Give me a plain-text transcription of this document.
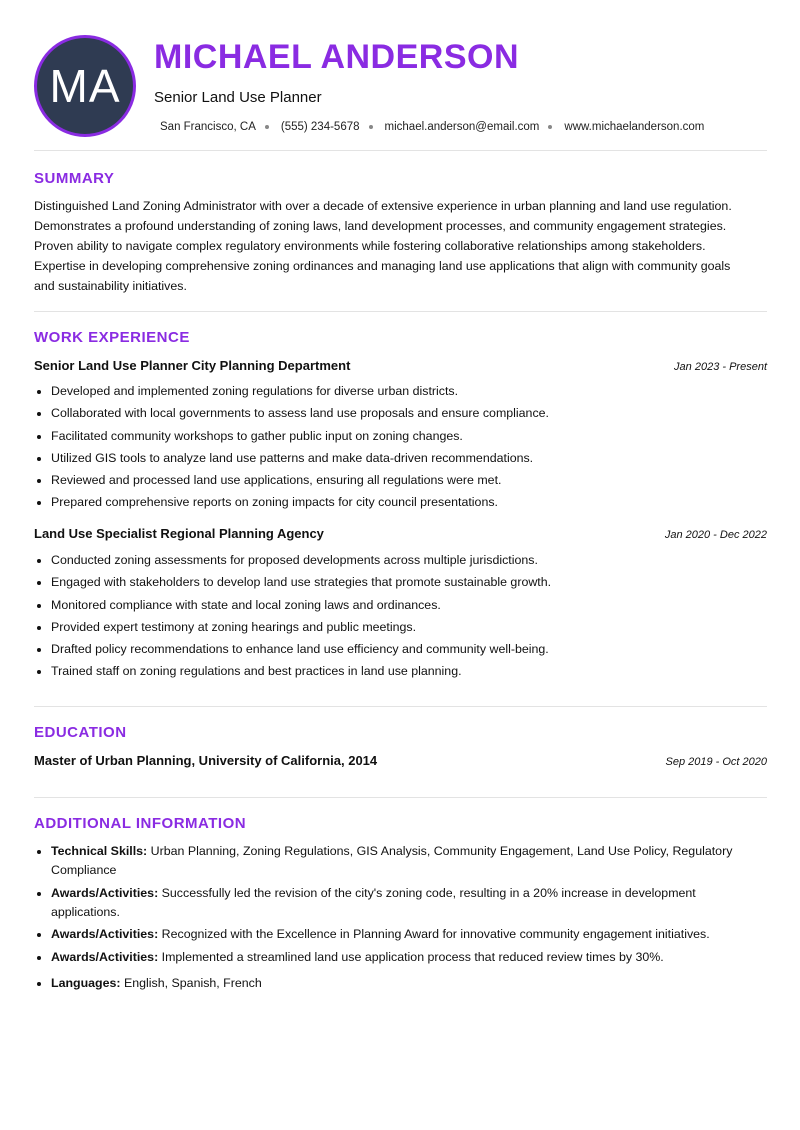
MA
MICHAEL ANDERSON
Senior Land Use Planner
San Francisco, CA (555) 234-5678 michael.anderson@email.com www.michaelanderson.com
SUMMARY

Distinguished Land Zoning Administrator with over a decade of extensive experience in urban planning and land use regulation. Demonstrates a profound understanding of zoning laws, land development processes, and community engagement strategies. Proven ability to navigate complex regulatory environments while fostering collaborative relationships among stakeholders. Expertise in developing comprehensive zoning ordinances and managing land use applications that align with community goals and sustainability initiatives.

WORK EXPERIENCE
Senior Land Use Planner City Planning Department	Jan 2023 - Present
• Developed and implemented zoning regulations for diverse urban districts.
• Collaborated with local governments to assess land use proposals and ensure compliance.
• Facilitated community workshops to gather public input on zoning changes.
• Utilized GIS tools to analyze land use patterns and make data-driven recommendations.
• Reviewed and processed land use applications, ensuring all regulations were met.
• Prepared comprehensive reports on zoning impacts for city council presentations.
Land Use Specialist Regional Planning Agency	Jan 2020 - Dec 2022
• Conducted zoning assessments for proposed developments across multiple jurisdictions.
• Engaged with stakeholders to develop land use strategies that promote sustainable growth.
• Monitored compliance with state and local zoning laws and ordinances.
• Provided expert testimony at zoning hearings and public meetings.
• Drafted policy recommendations to enhance land use efficiency and community well-being.
• Trained staff on zoning regulations and best practices in land use planning.
EDUCATION
Master of Urban Planning, University of California, 2014	Sep 2019 - Oct 2020
ADDITIONAL INFORMATION
• Technical Skills: Urban Planning, Zoning Regulations, GIS Analysis, Community Engagement, Land Use Policy, Regulatory Compliance
• Awards/Activities: Successfully led the revision of the city's zoning code, resulting in a 20% increase in development applications.
• Awards/Activities: Recognized with the Excellence in Planning Award for innovative community engagement initiatives.
• Awards/Activities: Implemented a streamlined land use application process that reduced review times by 30%.
• Languages: English, Spanish, French
